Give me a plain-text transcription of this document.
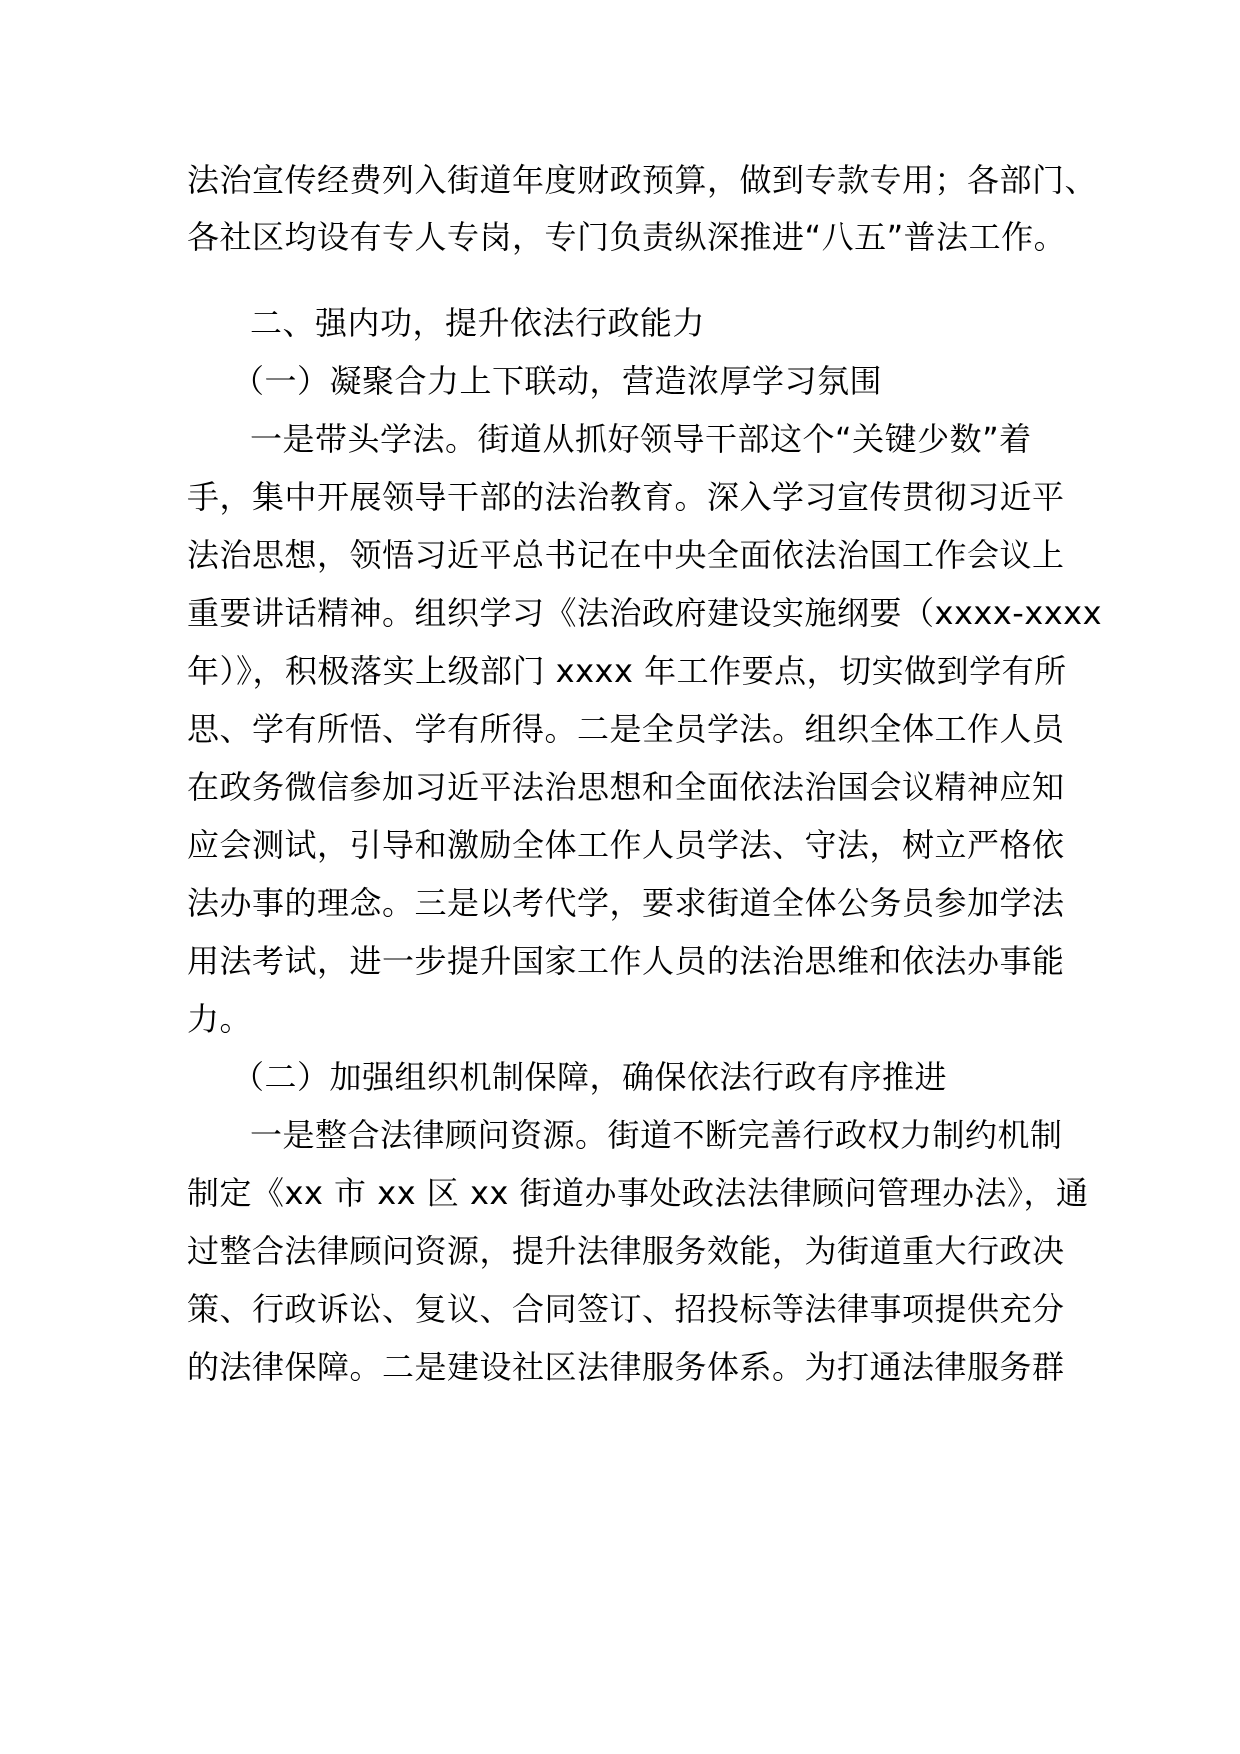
法治宣传经费列入街道年度财政预算，做到专款专用；各部门、
各社区均设有专人专岗，专门负责纵深推进“八五”普法工作。
二、强内功，提升依法行政能力
（一）凝聚合力上下联动，营造浓厚学习氛围
一是带头学法。街道从抓好领导干部这个“关键少数”着
手，集中开展领导干部的法治教育。深入学习宣传贯彻习近平
法治思想，领悟习近平总书记在中央全面依法治国工作会议上
重要讲话精神。组织学习《法治政府建设实施纲要（xxxx-xxxx
年）》，积极落实上级部门 xxxx 年工作要点，切实做到学有所
思、学有所悟、学有所得。二是全员学法。组织全体工作人员
在政务微信参加习近平法治思想和全面依法治国会议精神应知
应会测试，引导和激励全体工作人员学法、守法，树立严格依
法办事的理念。三是以考代学，要求街道全体公务员参加学法
用法考试，进一步提升国家工作人员的法治思维和依法办事能
力。
（二）加强组织机制保障，确保依法行政有序推进
一是整合法律顾问资源。街道不断完善行政权力制约机制
制定《xx 市 xx 区 xx 街道办事处政法法律顾问管理办法》，通
过整合法律顾问资源，提升法律服务效能，为街道重大行政决
策、行政诉讼、复议、合同签订、招投标等法律事项提供充分
的法律保障。二是建设社区法律服务体系。为打通法律服务群
